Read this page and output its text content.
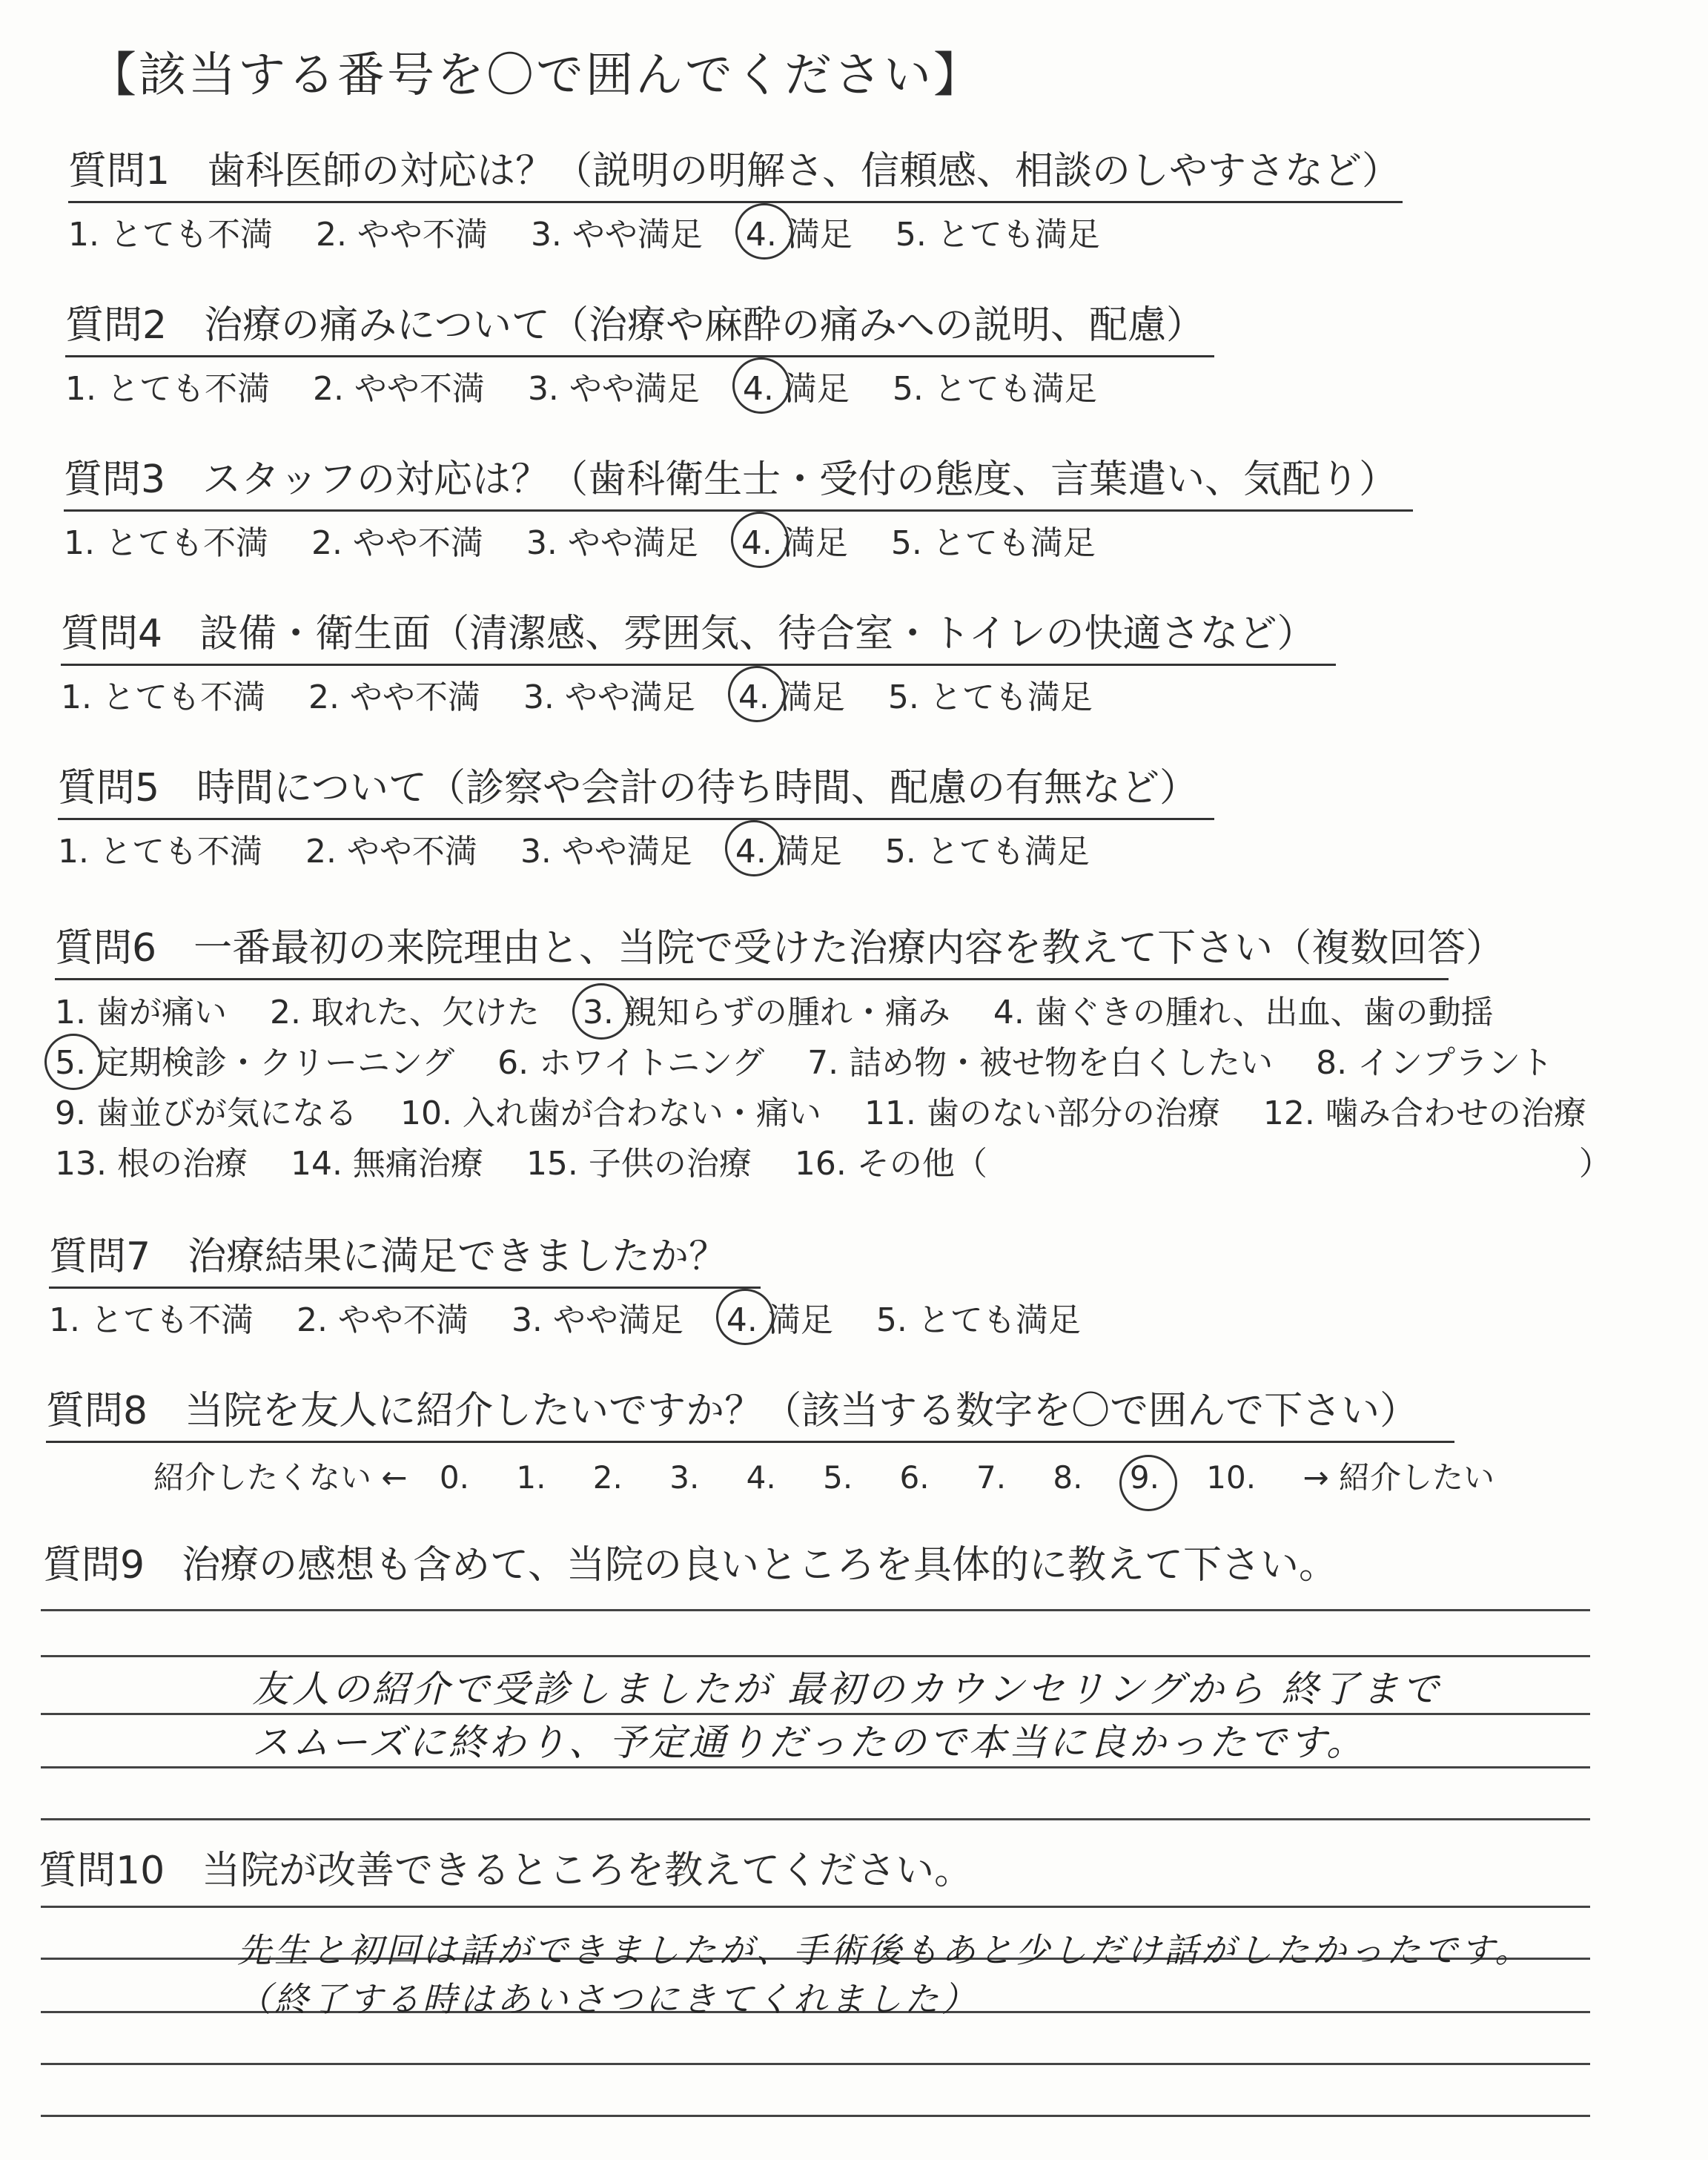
【該当する番号を〇で囲んでください】
質問1 歯科医師の対応は？（説明の明解さ、信頼感、相談のしやすさなど）
1. とても不満 2. やや不満 3. やや満足 4. 満足 5. とても満足
質問2 治療の痛みについて（治療や麻酔の痛みへの説明、配慮）
1. とても不満 2. やや不満 3. やや満足 4. 満足 5. とても満足
質問3 スタッフの対応は？（歯科衛生士・受付の態度、言葉遣い、気配り）
1. とても不満 2. やや不満 3. やや満足 4. 満足 5. とても満足
質問4 設備・衛生面（清潔感、雰囲気、待合室・トイレの快適さなど）
1. とても不満 2. やや不満 3. やや満足 4. 満足 5. とても満足
質問5 時間について（診察や会計の待ち時間、配慮の有無など）
1. とても不満 2. やや不満 3. やや満足 4. 満足 5. とても満足
質問6 一番最初の来院理由と、当院で受けた治療内容を教えて下さい（複数回答）
1. 歯が痛い 2. 取れた、欠けた 3. 親知らずの腫れ・痛み 4. 歯ぐきの腫れ、出血、歯の動揺
5. 定期検診・クリーニング 6. ホワイトニング 7. 詰め物・被せ物を白くしたい 8. インプラント
9. 歯並びが気になる 10. 入れ歯が合わない・痛い 11. 歯のない部分の治療 12. 噛み合わせの治療
13. 根の治療 14. 無痛治療 15. 子供の治療 16. その他（	）
質問7 治療結果に満足できましたか？
1. とても不満 2. やや不満 3. やや満足 4. 満足 5. とても満足
質問8 当院を友人に紹介したいですか？（該当する数字を〇で囲んで下さい）
紹介したくない ← 0. 1. 2. 3. 4. 5. 6. 7. 8. 9. 10. → 紹介したい
質問9 治療の感想も含めて、当院の良いところを具体的に教えて下さい。
友人の紹介で受診しましたが 最初のカウンセリングから 終了まで
スムーズに終わり、予定通りだったので本当に良かったです。
質問10 当院が改善できるところを教えてください。
先生と初回は話ができましたが、手術後もあと少しだけ話がしたかったです。
（終了する時はあいさつにきてくれました）
